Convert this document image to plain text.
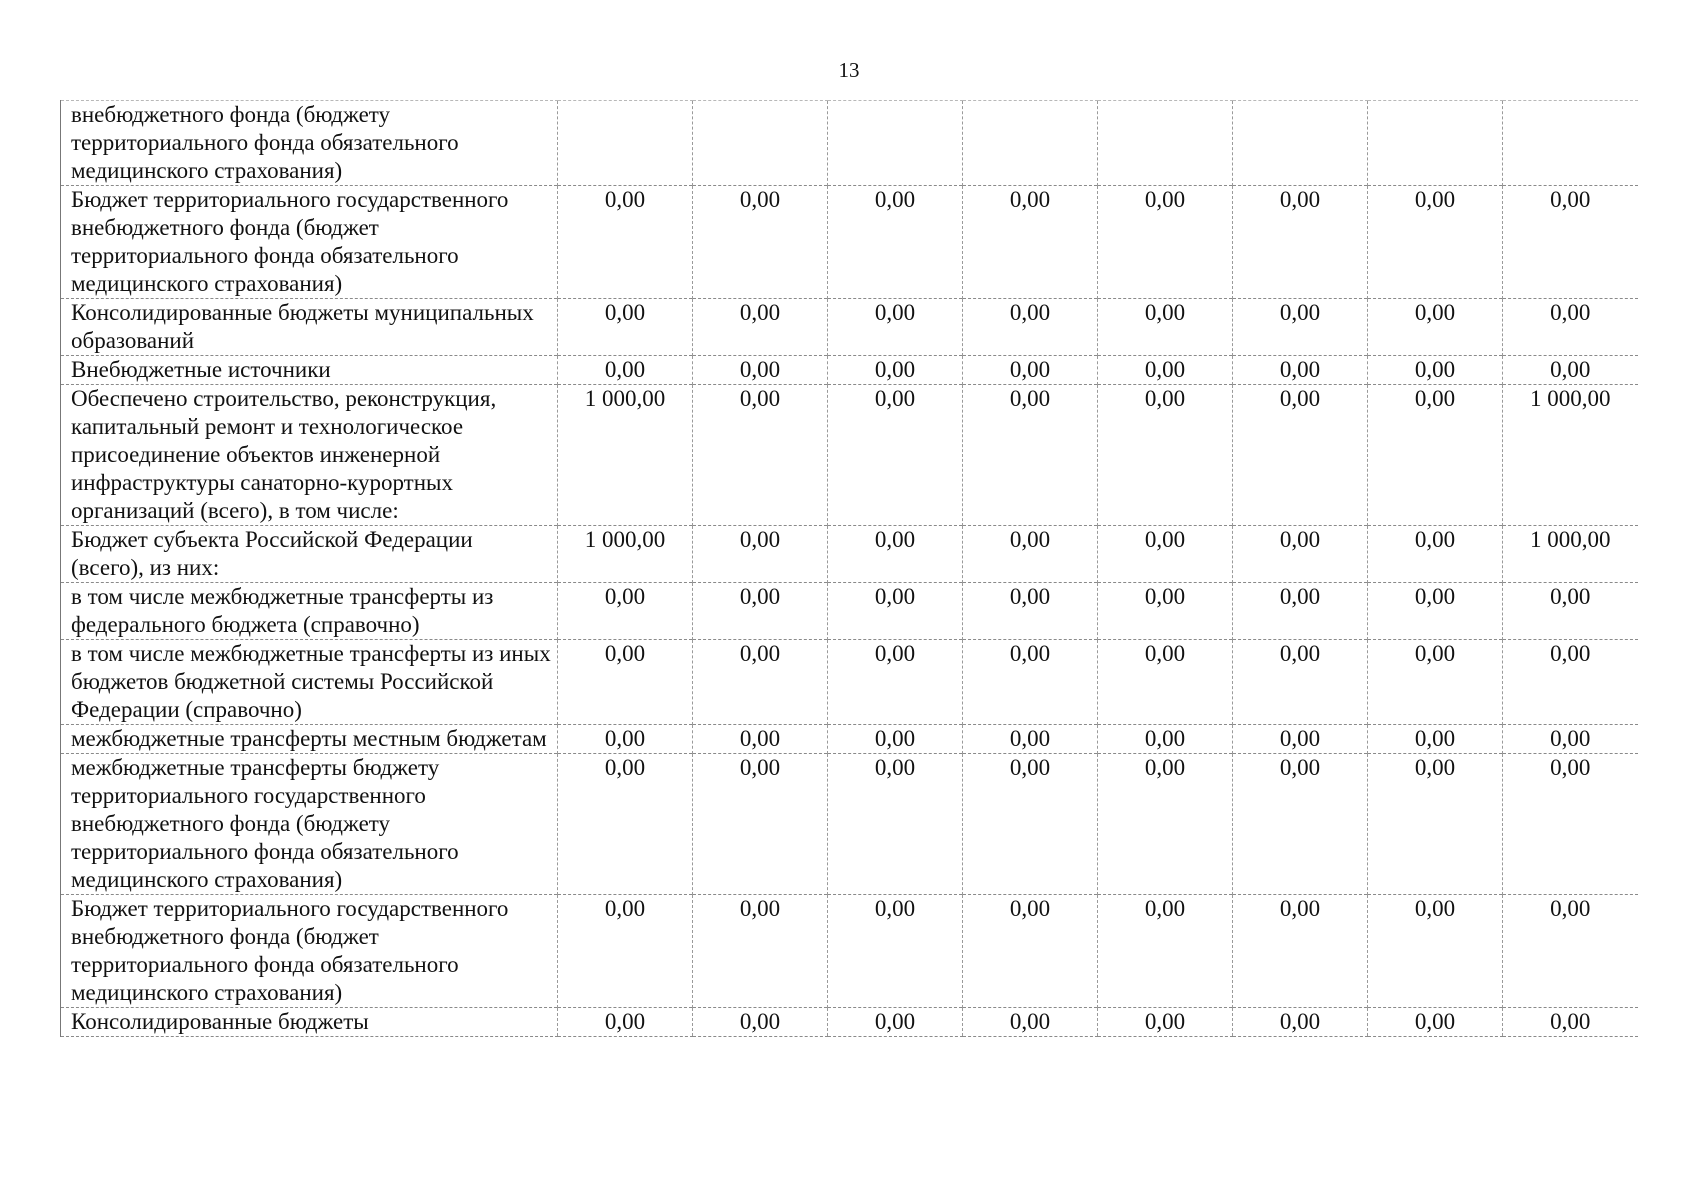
13
внебюджетного фонда (бюджету территориального фонда обязательного медицинского страхования)								
Бюджет территориального государственного внебюджетного фонда (бюджет территориального фонда обязательного медицинского страхования)	0,00	0,00	0,00	0,00	0,00	0,00	0,00	0,00
Консолидированные бюджеты муниципальных образований	0,00	0,00	0,00	0,00	0,00	0,00	0,00	0,00
Внебюджетные источники	0,00	0,00	0,00	0,00	0,00	0,00	0,00	0,00
Обеспечено строительство, реконструкция, капитальный ремонт и технологическое присоединение объектов инженерной инфраструктуры санаторно-курортных организаций (всего), в том числе:	1 000,00	0,00	0,00	0,00	0,00	0,00	0,00	1 000,00
Бюджет субъекта Российской Федерации (всего), из них:	1 000,00	0,00	0,00	0,00	0,00	0,00	0,00	1 000,00
в том числе межбюджетные трансферты из федерального бюджета (справочно)	0,00	0,00	0,00	0,00	0,00	0,00	0,00	0,00
в том числе межбюджетные трансферты из иных бюджетов бюджетной системы Российской Федерации (справочно)	0,00	0,00	0,00	0,00	0,00	0,00	0,00	0,00
межбюджетные трансферты местным бюджетам	0,00	0,00	0,00	0,00	0,00	0,00	0,00	0,00
межбюджетные трансферты бюджету территориального государственного внебюджетного фонда (бюджету территориального фонда обязательного медицинского страхования)	0,00	0,00	0,00	0,00	0,00	0,00	0,00	0,00
Бюджет территориального государственного внебюджетного фонда (бюджет территориального фонда обязательного медицинского страхования)	0,00	0,00	0,00	0,00	0,00	0,00	0,00	0,00
Консолидированные бюджеты	0,00	0,00	0,00	0,00	0,00	0,00	0,00	0,00
